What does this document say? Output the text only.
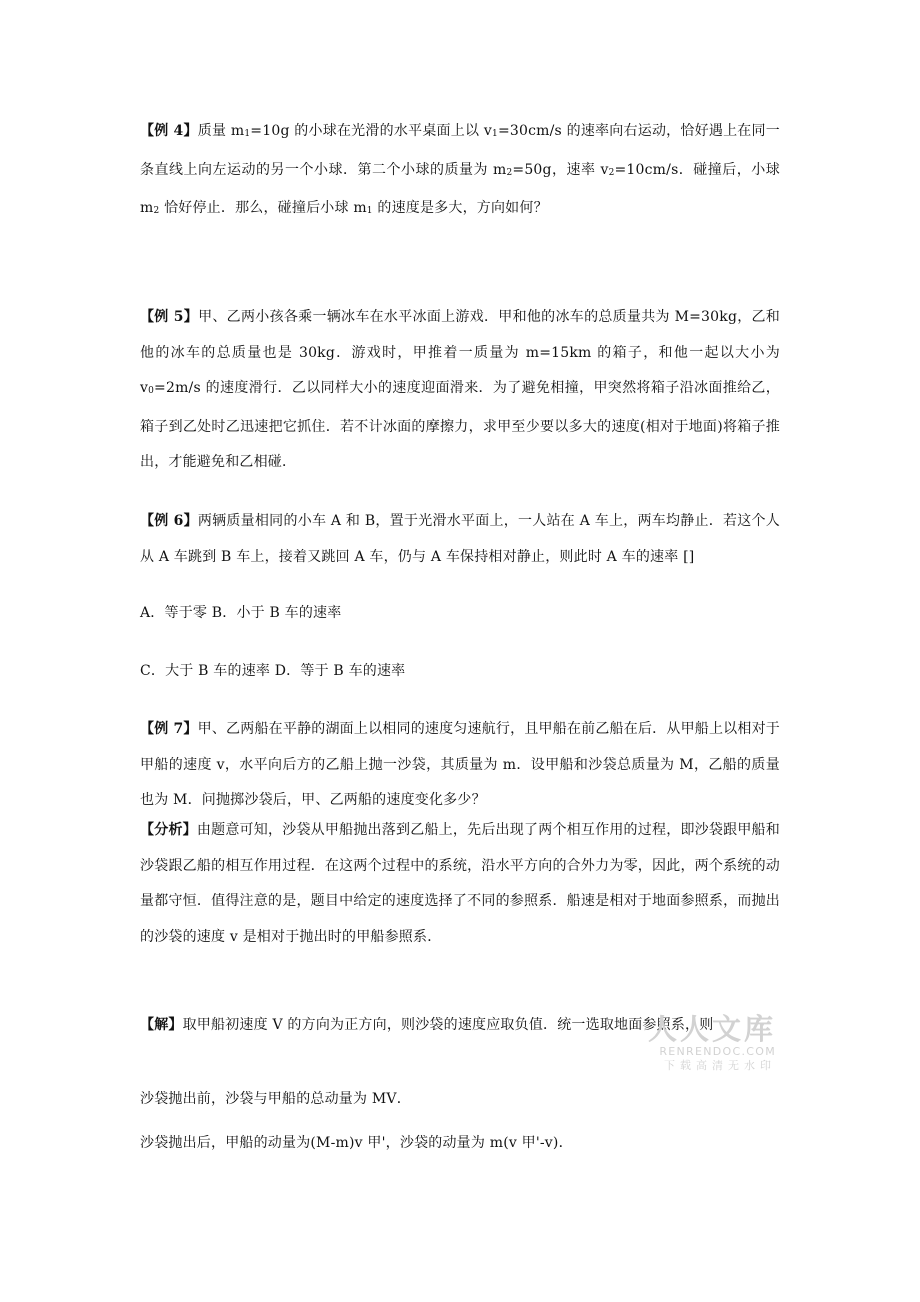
【例 4】质量 $m_1=10g$ 的小球在光滑的水平桌面上以 $v_1=30cm/s$ 的速率向右运动，恰好遇上在同一条直线上向左运动的另一个小球．第二个小球的质量为 $m_2=50g$，速率 $v_2=10cm/s$．碰撞后，小球 $m_2$ 恰好停止．那么，碰撞后小球 $m_1$ 的速度是多大，方向如何？

【例 5】甲、乙两小孩各乘一辆冰车在水平冰面上游戏．甲和他的冰车的总质量共为 M=30kg，乙和他的冰车的总质量也是 30kg．游戏时，甲推着一质量为 m=15km 的箱子，和他一起以大小为 $v_0=2m/s$ 的速度滑行．乙以同样大小的速度迎面滑来．为了避免相撞，甲突然将箱子沿冰面推给乙，箱子到乙处时乙迅速把它抓住．若不计冰面的摩擦力，求甲至少要以多大的速度(相对于地面)将箱子推出，才能避免和乙相碰．

【例 6】两辆质量相同的小车 A 和 B，置于光滑水平面上，一人站在 A 车上，两车均静止．若这个人从 A 车跳到 B 车上，接着又跳回 A 车，仍与 A 车保持相对静止，则此时 A 车的速率 []

A．等于零 B．小于 B 车的速率

C．大于 B 车的速率 D．等于 B 车的速率

【例 7】甲、乙两船在平静的湖面上以相同的速度匀速航行，且甲船在前乙船在后．从甲船上以相对于甲船的速度 v，水平向后方的乙船上抛一沙袋，其质量为 m．设甲船和沙袋总质量为 M，乙船的质量也为 M．问抛掷沙袋后，甲、乙两船的速度变化多少？

【分析】由题意可知，沙袋从甲船抛出落到乙船上，先后出现了两个相互作用的过程，即沙袋跟甲船和沙袋跟乙船的相互作用过程．在这两个过程中的系统，沿水平方向的合外力为零，因此，两个系统的动量都守恒．值得注意的是，题目中给定的速度选择了不同的参照系．船速是相对于地面参照系，而抛出的沙袋的速度 v 是相对于抛出时的甲船参照系．

【解】取甲船初速度 V 的方向为正方向，则沙袋的速度应取负值．统一选取地面参照系，则

沙袋抛出前，沙袋与甲船的总动量为 MV．

沙袋抛出后，甲船的动量为(M-m)v 甲'，沙袋的动量为 m(v 甲'-v)．

人人文库
RENRENDOC.COM
下载高清无水印
